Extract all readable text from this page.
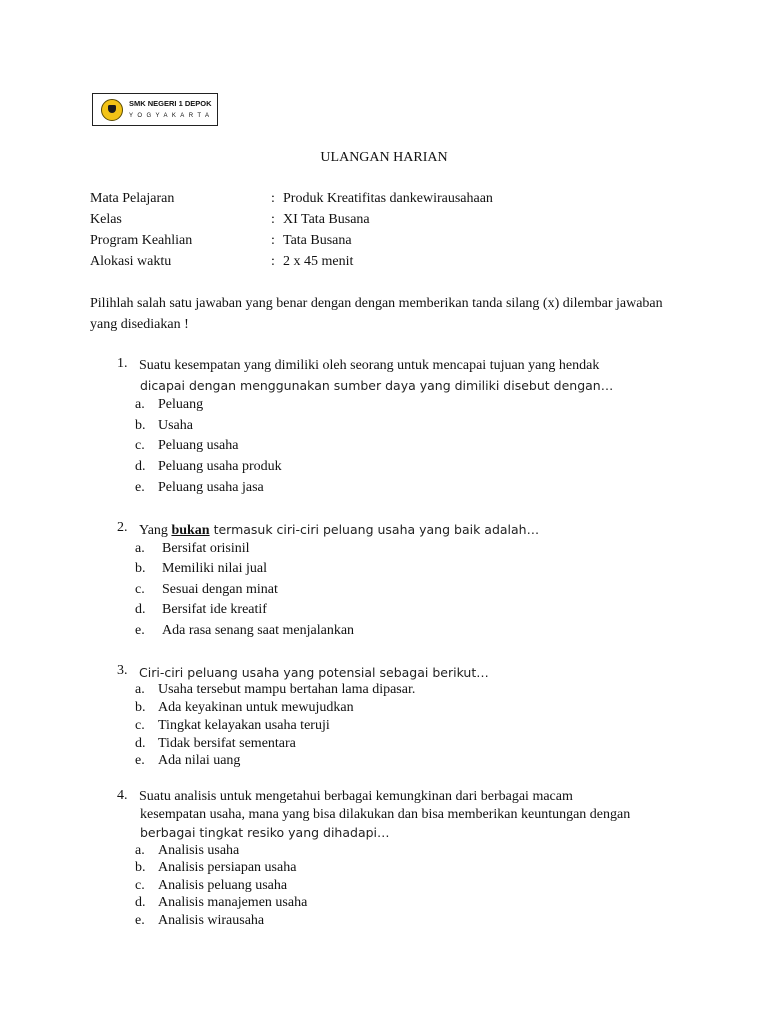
SMK NEGERI 1 DEPOK
YOGYAKARTA
ULANGAN HARIAN
Mata Pelajaran	: Produk Kreatifitas dankewirausahaan
Kelas	: XI Tata Busana
Program Keahlian	: Tata Busana
Alokasi waktu	: 2 x 45 menit
Pilihlah salah satu jawaban yang benar dengan dengan memberikan tanda silang (x) dilembar jawaban yang disediakan !
1. Suatu kesempatan yang dimiliki oleh seorang untuk mencapai tujuan yang hendak
dicapai dengan menggunakan sumber daya yang dimiliki disebut dengan…
a. Peluang
b. Usaha
c. Peluang usaha
d. Peluang usaha produk
e. Peluang usaha jasa
2. Yang bukan termasuk ciri-ciri peluang usaha yang baik adalah…
a. Bersifat orisinil
b. Memiliki nilai jual
c. Sesuai dengan minat
d. Bersifat ide kreatif
e. Ada rasa senang saat menjalankan
3. Ciri-ciri peluang usaha yang potensial sebagai berikut…
a. Usaha tersebut mampu bertahan lama dipasar.
b. Ada keyakinan untuk mewujudkan
c. Tingkat kelayakan usaha teruji
d. Tidak bersifat sementara
e. Ada nilai uang
4. Suatu analisis untuk mengetahui berbagai kemungkinan dari berbagai macam
kesempatan usaha, mana yang bisa dilakukan dan bisa memberikan keuntungan dengan
berbagai tingkat resiko yang dihadapi…
a. Analisis usaha
b. Analisis persiapan usaha
c. Analisis peluang usaha
d. Analisis manajemen usaha
e. Analisis wirausaha
